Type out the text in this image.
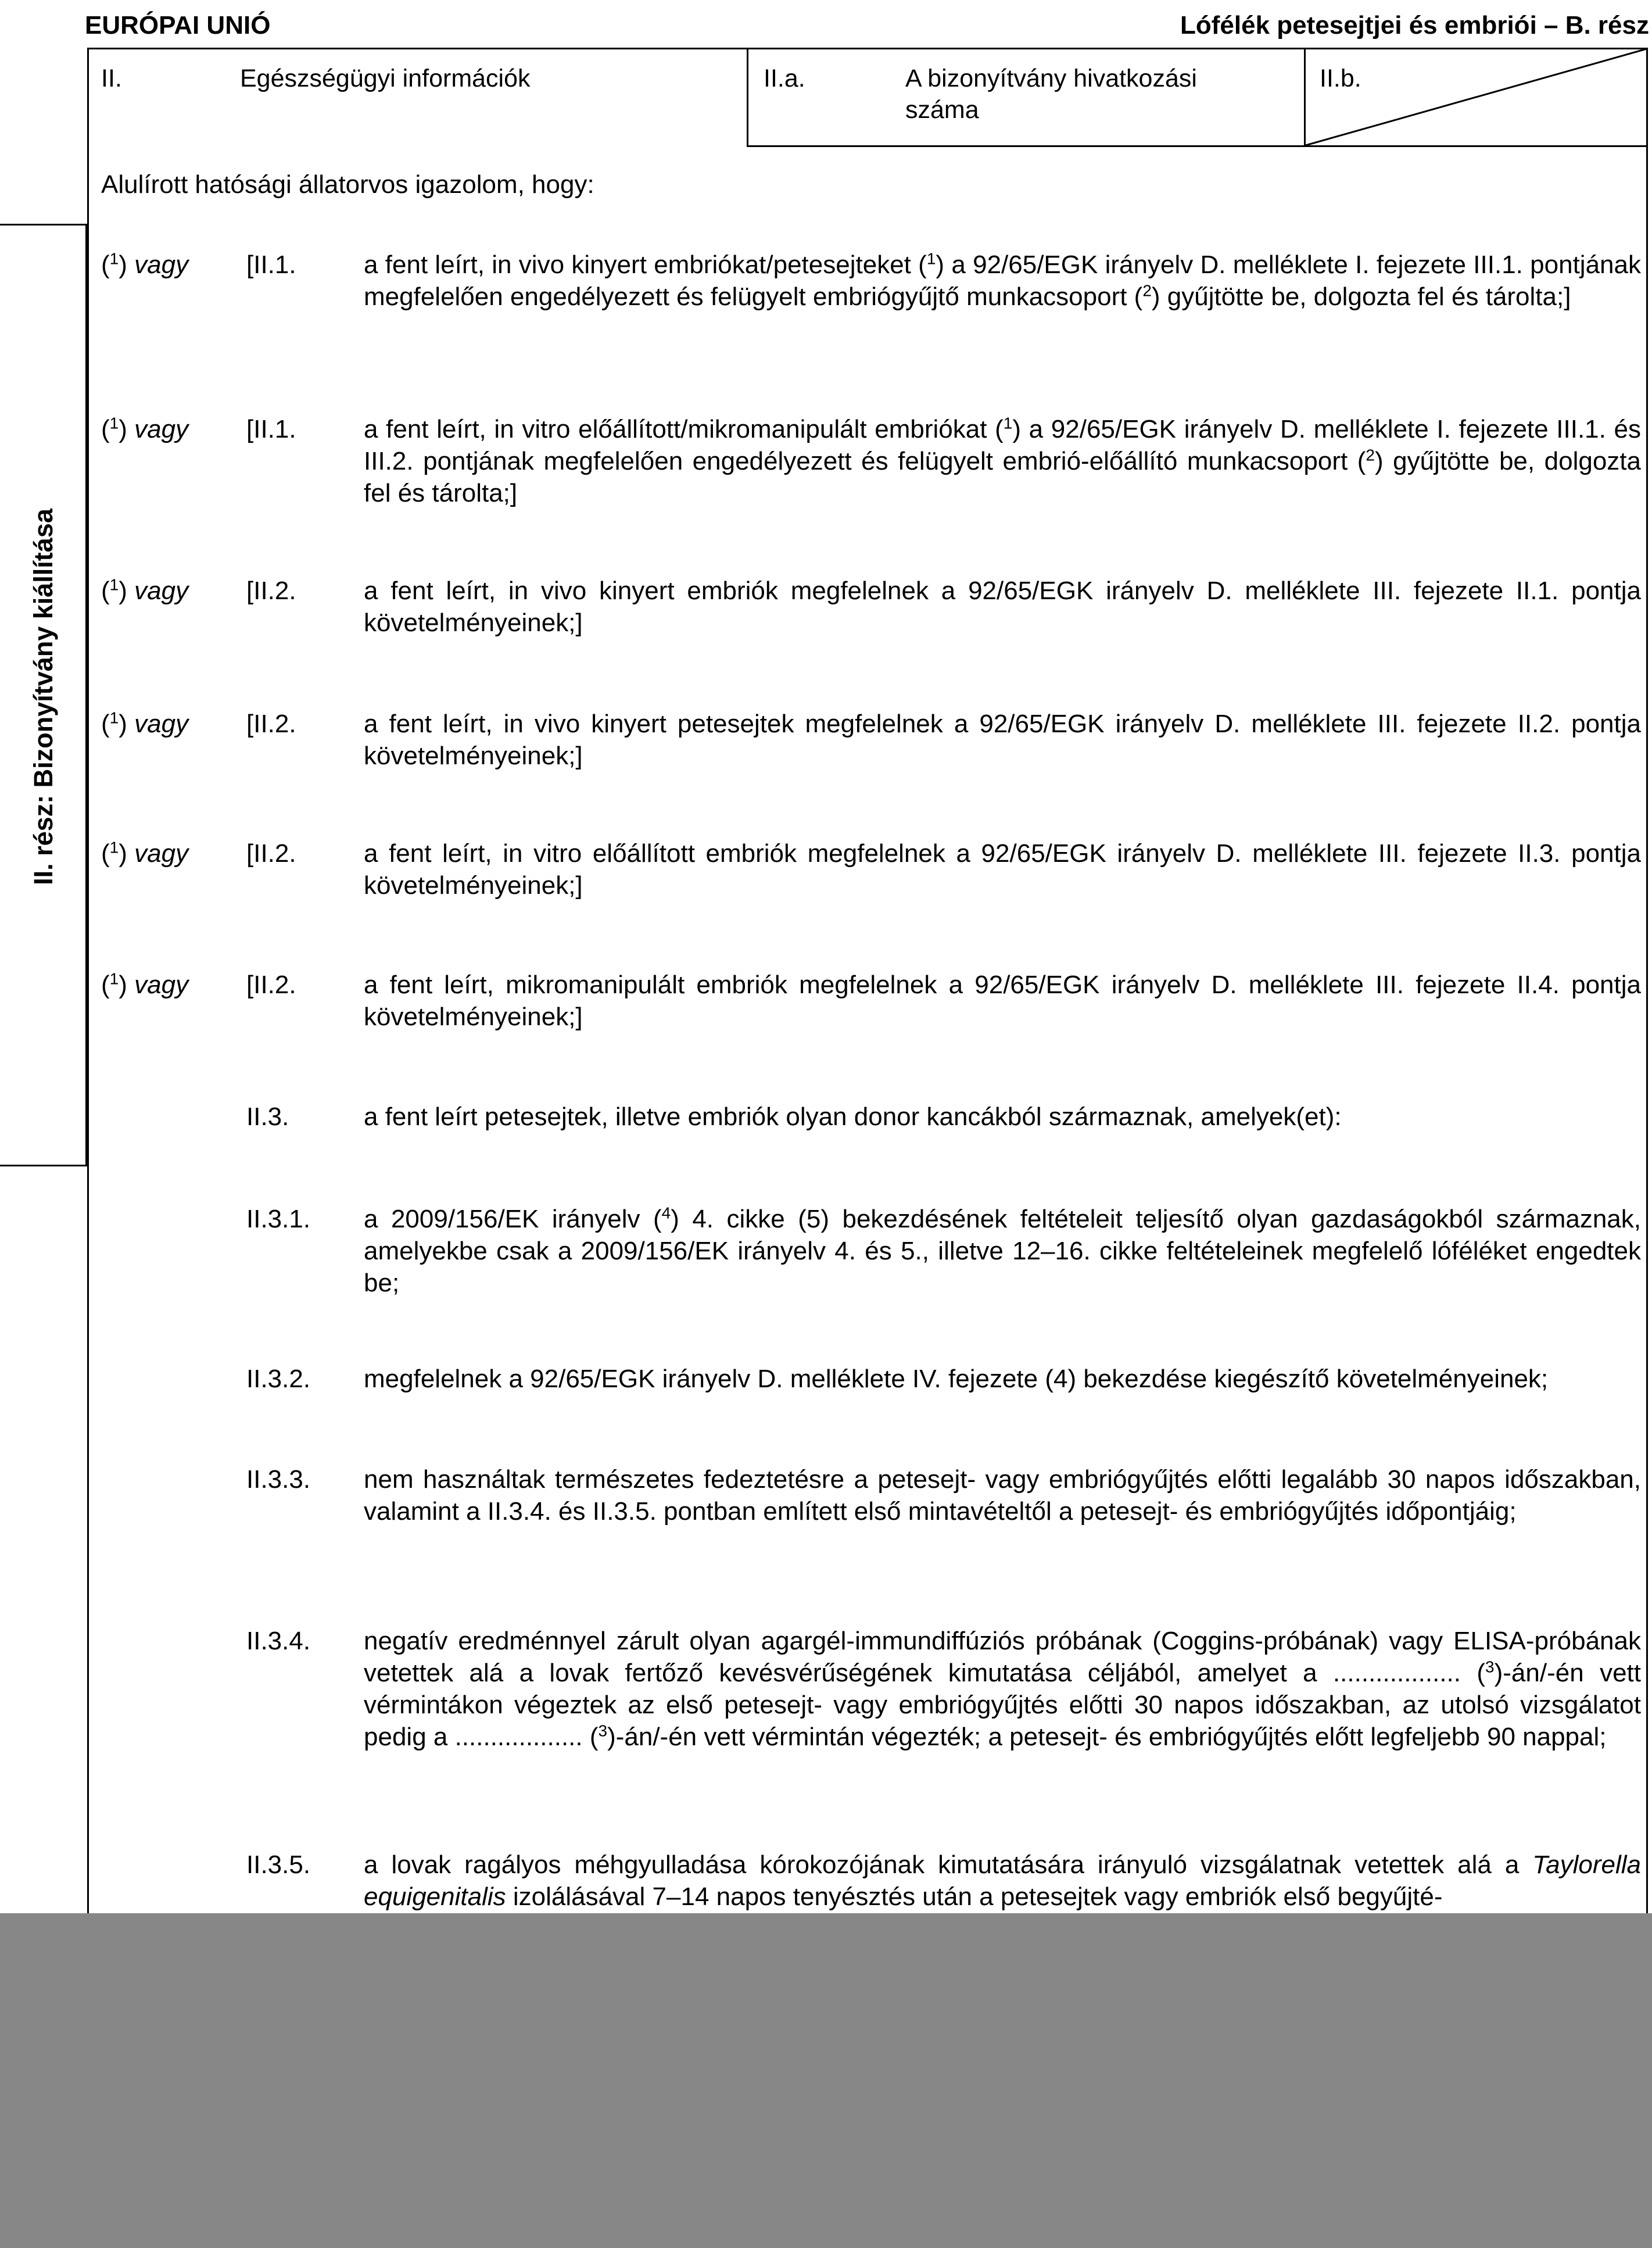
EURÓPAI UNIÓ	Lófélék petesejtjei és embriói – B. rész
II.	Egészségügyi információk	II.a.	A bizonyítvány hivatkozási
száma
II.b.
II. rész: Bizonyítvány kiállítása
Alulírott hatósági állatorvos igazolom, hogy:
($^1$) vagy [II.1.	a fent leírt, in vivo kinyert embriókat/petesejteket ($^1$) a 92/65/EGK irányelv D. melléklete I. fejezete III.1. pontjának megfelelően engedélyezett és felügyelt embriógyűjtő munkacsoport ($^2$) gyűjtötte be, dolgozta fel és tárolta;]
($^1$) vagy [II.1.	a fent leírt, in vitro előállított/mikromanipulált embriókat ($^1$) a 92/65/EGK irányelv D. melléklete I. fejezete III.1. és III.2. pontjának megfelelően engedélyezett és felügyelt embrió-előállító munkacsoport ($^2$) gyűjtötte be, dolgozta fel és tárolta;]
($^1$) vagy [II.2.	a fent leírt, in vivo kinyert embriók megfelelnek a 92/65/EGK irányelv D. melléklete III. fejezete II.1. pontja követelményeinek;]
($^1$) vagy [II.2.	a fent leírt, in vivo kinyert petesejtek megfelelnek a 92/65/EGK irányelv D. melléklete III. fejezete II.2. pontja követelményeinek;]
($^1$) vagy [II.2.	a fent leírt, in vitro előállított embriók megfelelnek a 92/65/EGK irányelv D. melléklete III. fejezete II.3. pontja követelményeinek;]
($^1$) vagy [II.2.	a fent leírt, mikromanipulált embriók megfelelnek a 92/65/EGK irányelv D. melléklete III. fejezete II.4. pontja követelményeinek;]
II.3.	a fent leírt petesejtek, illetve embriók olyan donor kancákból származnak, amelyek(et):
II.3.1. a 2009/156/EK irányelv ($^4$) 4. cikke (5) bekezdésének feltételeit teljesítő olyan gazdaságokból származnak, amelyekbe csak a 2009/156/EK irányelv 4. és 5., illetve 12–16. cikke feltételeinek megfelelő lóféléket engedtek be;
II.3.2. megfelelnek a 92/65/EGK irányelv D. melléklete IV. fejezete (4) bekezdése kiegészítő követelményeinek;
II.3.3. nem használtak természetes fedeztetésre a petesejt- vagy embriógyűjtés előtti legalább 30 napos időszakban, valamint a II.3.4. és II.3.5. pontban említett első mintavételtől a petesejt- és embriógyűjtés időpontjáig;
II.3.4. negatív eredménnyel zárult olyan agargél-immundiffúziós próbának (Coggins-próbának) vagy ELISA-próbának vetettek alá a lovak fertőző kevésvérűségének kimutatása céljából, amelyet a .................. ($^3$)-án/-én vett vérmintákon végeztek az első petesejt- vagy embriógyűjtés előtti 30 napos időszakban, az utolsó vizsgálatot pedig a .................. ($^3$)-án/-én vett vérmintán végezték; a petesejt- és embriógyűjtés előtt legfeljebb 90 nappal;
II.3.5. a lovak ragályos méhgyulladása kórokozójának kimutatására irányuló vizsgálatnak vetettek alá a Taylorella equigenitalis izolálásával 7–14 napos tenyésztés után a petesejtek vagy embriók első begyűjté-
